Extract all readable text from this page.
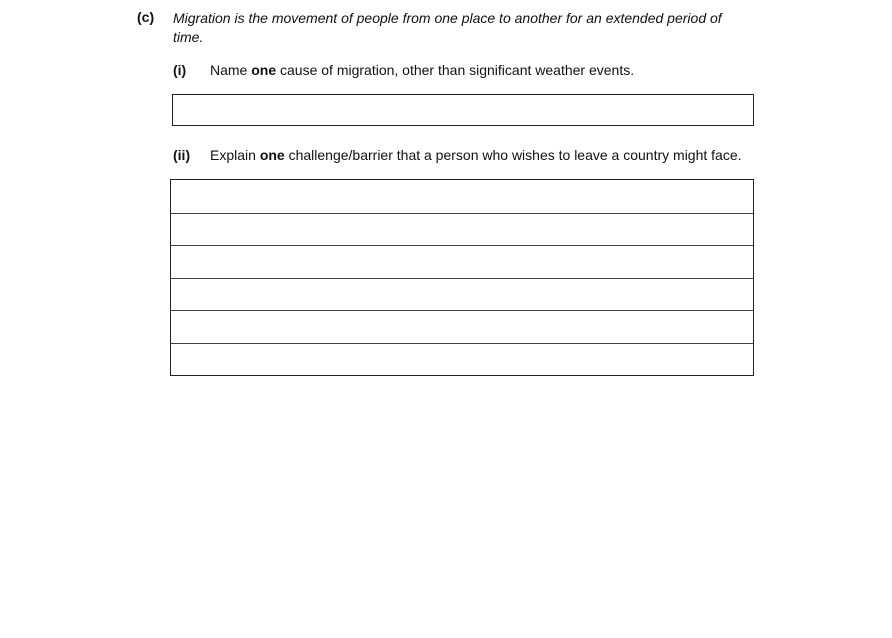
(c) Migration is the movement of people from one place to another for an extended period of time.
(i) Name one cause of migration, other than significant weather events.
(ii) Explain one challenge/barrier that a person who wishes to leave a country might face.
